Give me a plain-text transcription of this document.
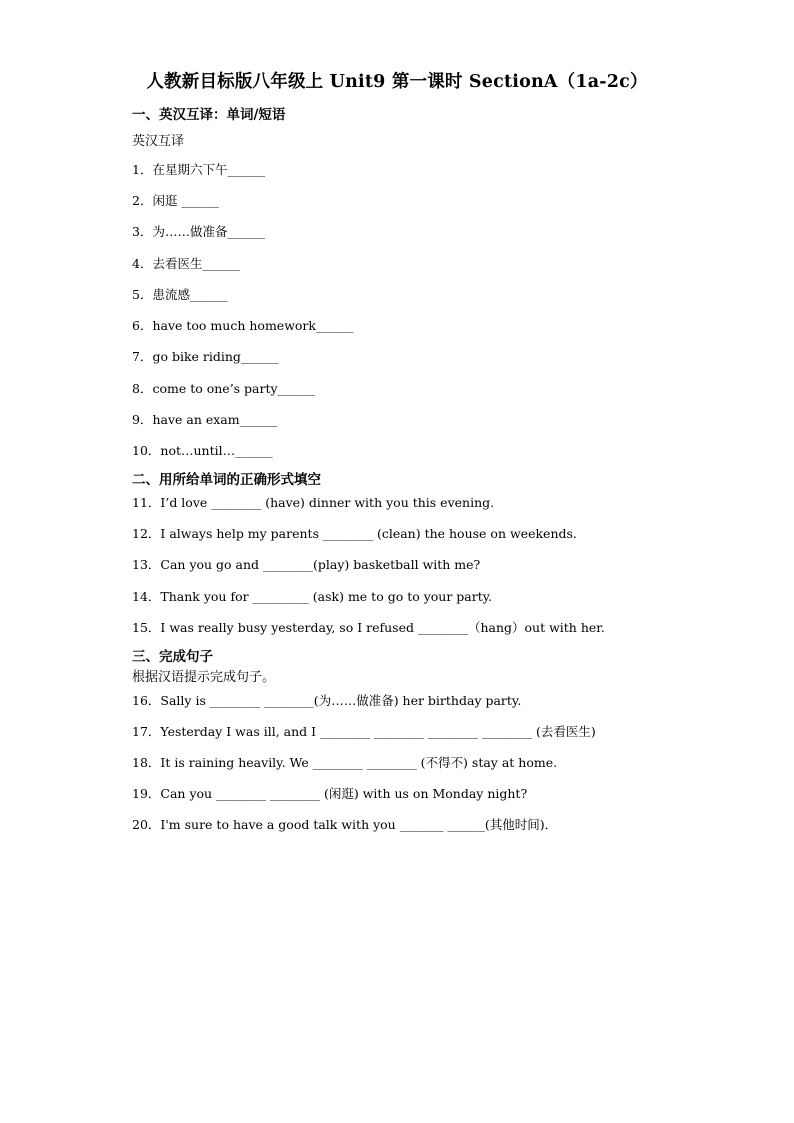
人教新目标版八年级上 Unit9 第一课时 SectionA（1a-2c）
一、英汉互译：单词/短语
英汉互译
1．在星期六下午______
2．闲逛 ______
3．为……做准备______
4．去看医生______
5．患流感______
6．have too much homework______
7．go bike riding______
8．come to one’s party______
9．have an exam______
10．not…until…______
二、用所给单词的正确形式填空
11．I’d love ________ (have) dinner with you this evening.
12．I always help my parents ________ (clean) the house on weekends.
13．Can you go and ________(play) basketball with me?
14．Thank you for _________ (ask) me to go to your party.
15．I was really busy yesterday, so I refused ________（hang）out with her.
三、完成句子
根据汉语提示完成句子。
16．Sally is ________ ________(为……做准备) her birthday party.
17．Yesterday I was ill, and I ________ ________ ________ ________ (去看医生)
18．It is raining heavily. We ________ ________ (不得不) stay at home.
19．Can you ________ ________ (闲逛) with us on Monday night?
20．I'm sure to have a good talk with you _______ ______(其他时间)．
